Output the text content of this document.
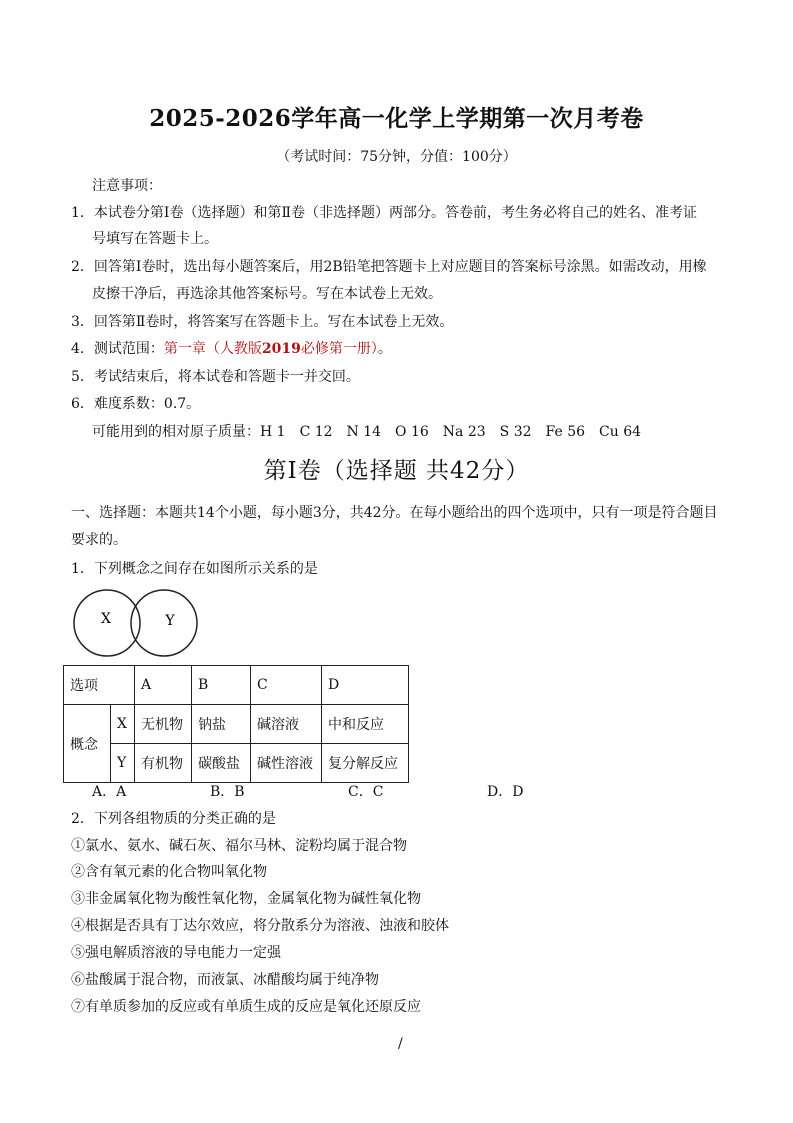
2025-2026学年高一化学上学期第一次月考卷
（考试时间：75分钟，分值：100分）
注意事项：
1．本试卷分第Ⅰ卷（选择题）和第Ⅱ卷（非选择题）两部分。答卷前，考生务必将自己的姓名、准考证
号填写在答题卡上。
2．回答第Ⅰ卷时，选出每小题答案后，用2B铅笔把答题卡上对应题目的答案标号涂黑。如需改动，用橡
皮擦干净后，再选涂其他答案标号。写在本试卷上无效。
3．回答第Ⅱ卷时，将答案写在答题卡上。写在本试卷上无效。
4．测试范围：第一章（人教版2019必修第一册）。
5．考试结束后，将本试卷和答题卡一并交回。
6．难度系数：0.7。
可能用到的相对原子质量：H 1　C 12　N 14　O 16　Na 23　S 32　Fe 56　Cu 64
第Ⅰ卷（选择题 共42分）
一、选择题：本题共14个小题，每小题3分，共42分。在每小题给出的四个选项中，只有一项是符合题目
要求的。
1．下列概念之间存在如图所示关系的是
X	Y
选项		A	B	C	D
概念	X	无机物	钠盐	碱溶液	中和反应
	Y	有机物	碳酸盐	碱性溶液	复分解反应
A．A	B．B	C．C	D．D
2．下列各组物质的分类正确的是
①氯水、氨水、碱石灰、福尔马林、淀粉均属于混合物
②含有氧元素的化合物叫氧化物
③非金属氧化物为酸性氧化物，金属氧化物为碱性氧化物
④根据是否具有丁达尔效应，将分散系分为溶液、浊液和胶体
⑤强电解质溶液的导电能力一定强
⑥盐酸属于混合物，而液氯、冰醋酸均属于纯净物
⑦有单质参加的反应或有单质生成的反应是氧化还原反应
/
